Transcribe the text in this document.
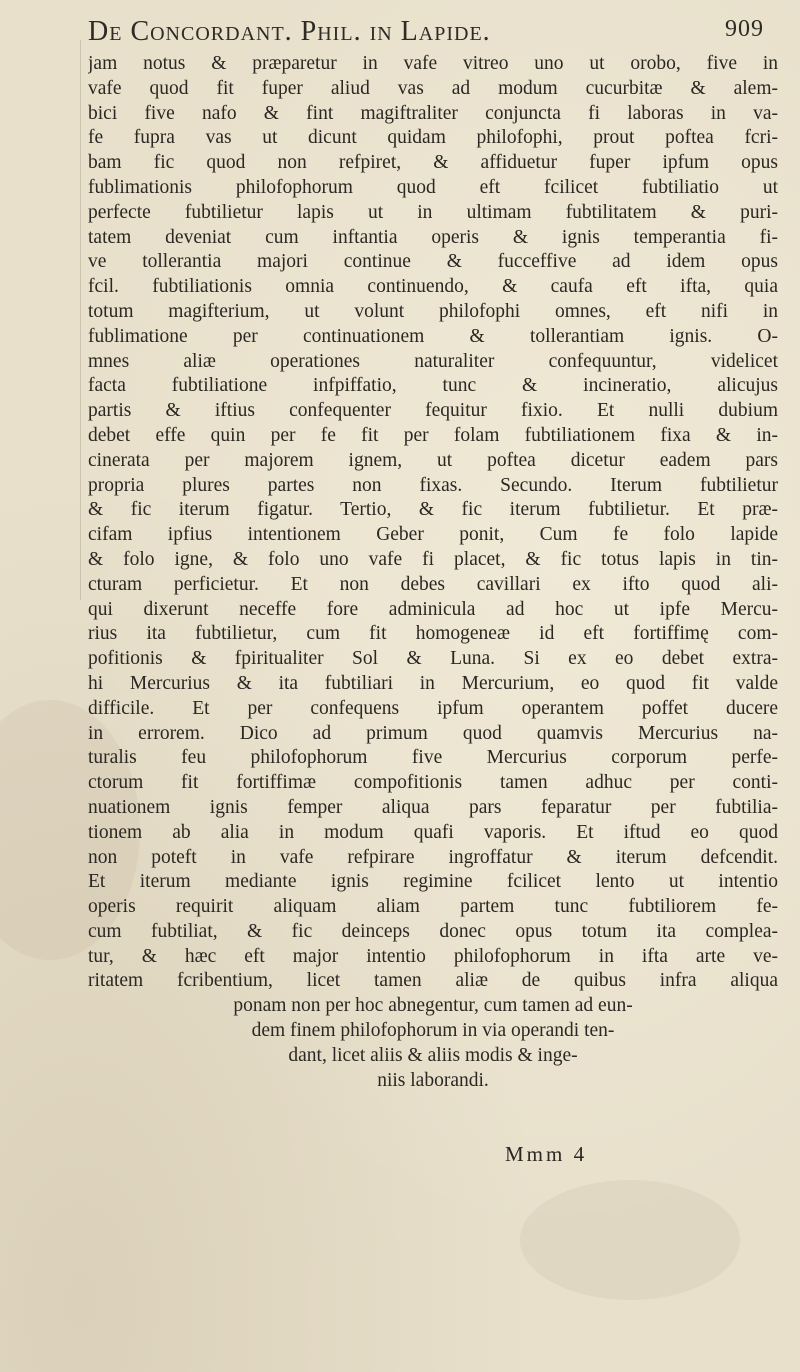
De Concordant. Phil. in Lapide.	909
jam notus & præparetur in vafe vitreo uno ut orobo, five in
vafe quod fit fuper aliud vas ad modum cucurbitæ & alem-
bici five nafo & fint magiftraliter conjuncta fi laboras in va-
fe fupra vas ut dicunt quidam philofophi, prout poftea fcri-
bam fic quod non refpiret, & affiduetur fuper ipfum opus
fublimationis philofophorum quod eft fcilicet fubtiliatio ut
perfecte fubtilietur lapis ut in ultimam fubtilitatem & puri-
tatem deveniat cum inftantia operis & ignis temperantia fi-
ve tollerantia majori continue & fucceffive ad idem opus
fcil. fubtiliationis omnia continuendo, & caufa eft ifta, quia
totum magifterium, ut volunt philofophi omnes, eft nifi in
fublimatione per continuationem & tollerantiam ignis. O-
mnes aliæ operationes naturaliter confequuntur, videlicet
facta fubtiliatione infpiffatio, tunc & incineratio, alicujus
partis & iftius confequenter fequitur fixio. Et nulli dubium
debet effe quin per fe fit per folam fubtiliationem fixa & in-
cinerata per majorem ignem, ut poftea dicetur eadem pars
propria plures partes non fixas. Secundo. Iterum fubtilietur
& fic iterum figatur. Tertio, & fic iterum fubtilietur. Et præ-
cifam ipfius intentionem Geber ponit, Cum fe folo lapide
& folo igne, & folo uno vafe fi placet, & fic totus lapis in tin-
cturam perficietur. Et non debes cavillari ex ifto quod ali-
qui dixerunt neceffe fore adminicula ad hoc ut ipfe Mercu-
rius ita fubtilietur, cum fit homogeneæ id eft fortiffimę com-
pofitionis & fpiritualiter Sol & Luna. Si ex eo debet extra-
hi Mercurius & ita fubtiliari in Mercurium, eo quod fit valde
difficile. Et per confequens ipfum operantem poffet ducere
in errorem. Dico ad primum quod quamvis Mercurius na-
turalis feu philofophorum five Mercurius corporum perfe-
ctorum fit fortiffimæ compofitionis tamen adhuc per conti-
nuationem ignis femper aliqua pars feparatur per fubtilia-
tionem ab alia in modum quafi vaporis. Et iftud eo quod
non poteft in vafe refpirare ingroffatur & iterum defcendit.
Et iterum mediante ignis regimine fcilicet lento ut intentio
operis requirit aliquam aliam partem tunc fubtiliorem fe-
cum fubtiliat, & fic deinceps donec opus totum ita complea-
tur, & hæc eft major intentio philofophorum in ifta arte ve-
ritatem fcribentium, licet tamen aliæ de quibus infra aliqua
ponam non per hoc abnegentur, cum tamen ad eun-
dem finem philofophorum in via operandi ten-
dant, licet aliis & aliis modis & inge-
niis laborandi.
Mmm 4
